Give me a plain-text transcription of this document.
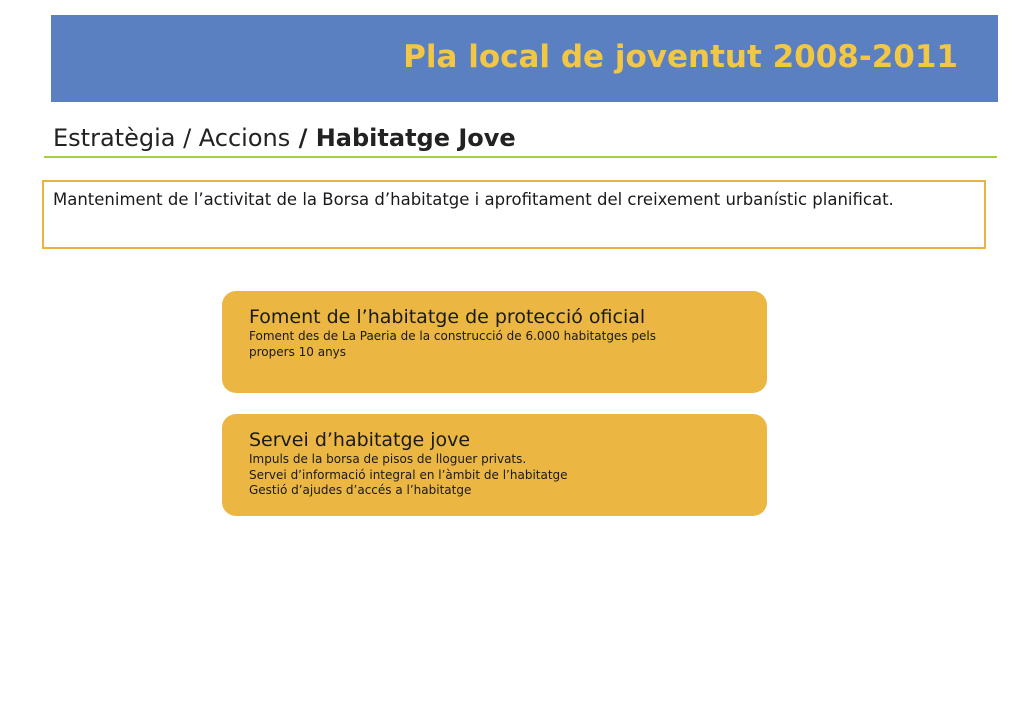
Pla local de joventut 2008-2011
Estratègia / Accions / Habitatge Jove
Manteniment de l’activitat de la Borsa d’habitatge i aprofitament del creixement urbanístic planificat.
Foment de l’habitatge de protecció oficial
Foment des de La Paeria de la construcció de 6.000 habitatges pels
propers 10 anys
Servei d’habitatge jove
Impuls de la borsa de pisos de lloguer privats.
Servei d’informació integral en l’àmbit de l’habitatge
Gestió d’ajudes d’accés a l’habitatge
